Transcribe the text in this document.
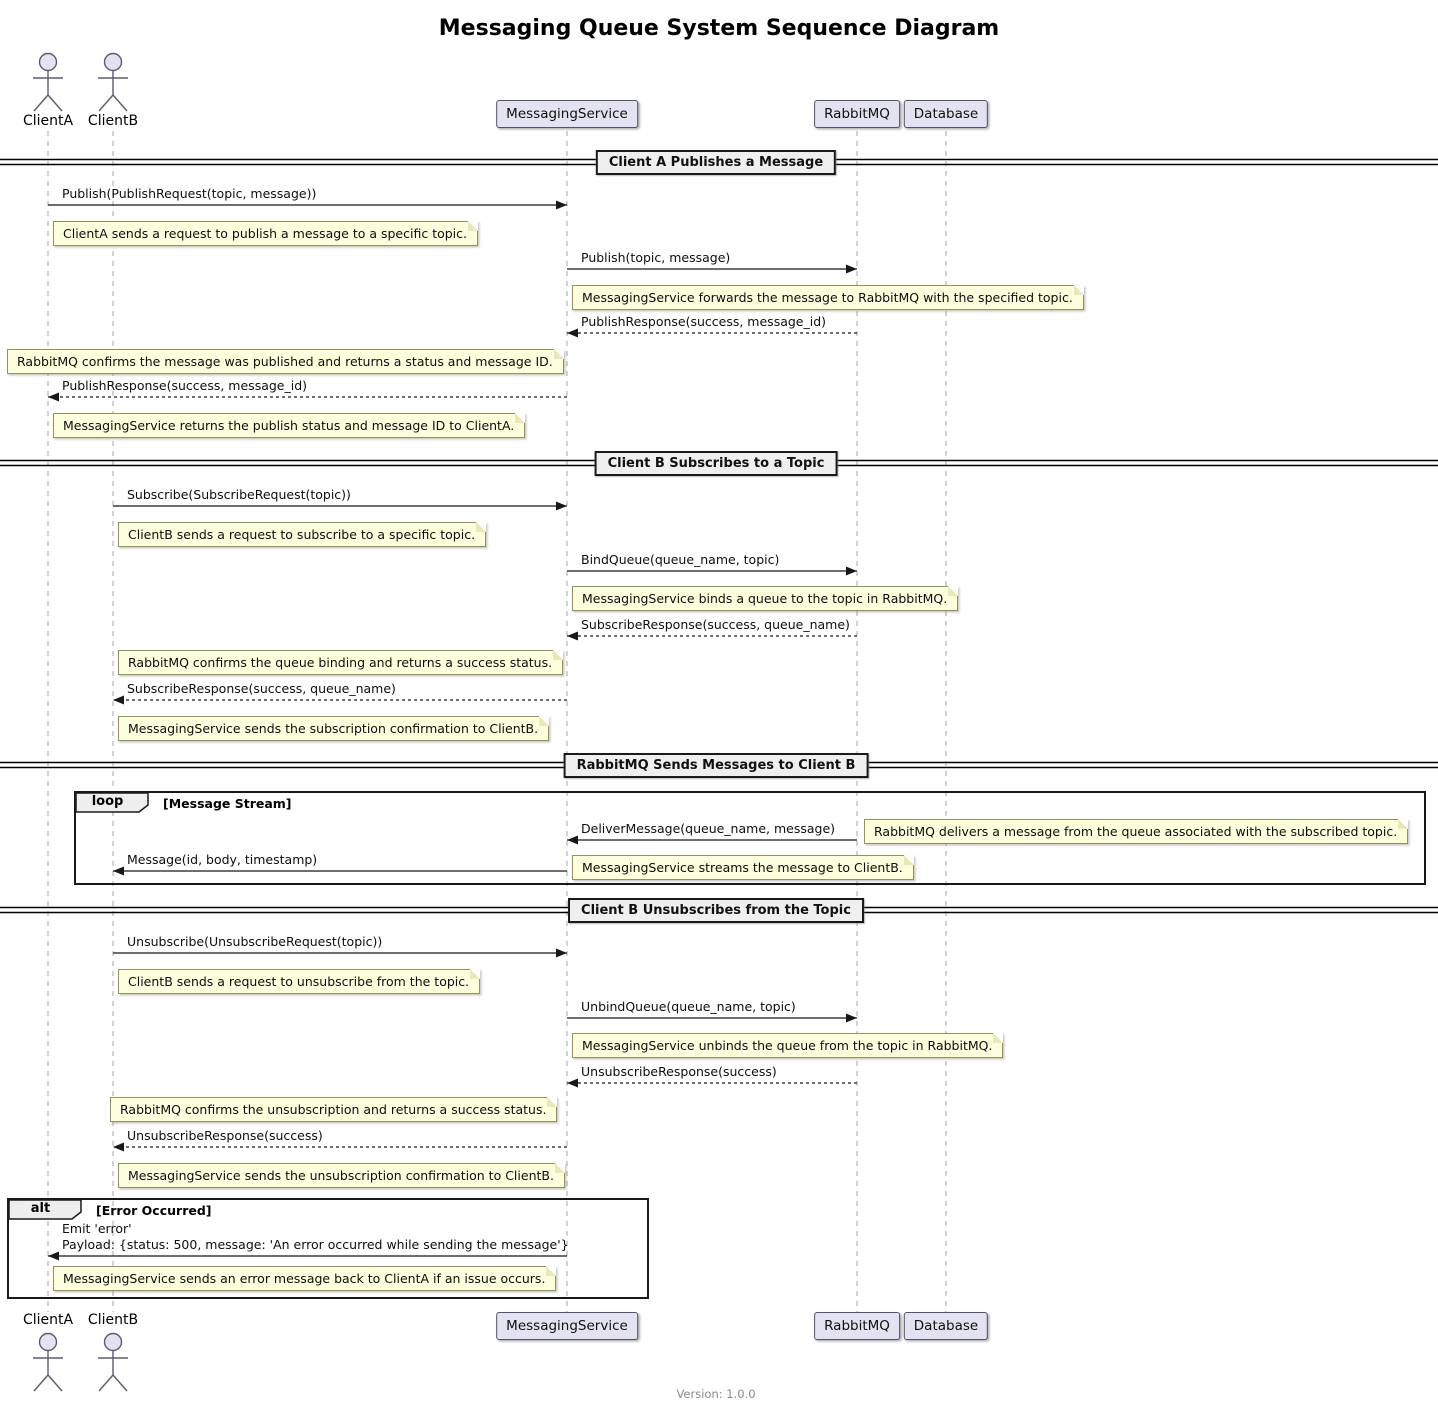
Messaging Queue System Sequence Diagram
Client A Publishes a Message
Client B Subscribes to a Topic
RabbitMQ Sends Messages to Client B
Client B Unsubscribes from the Topic
loop	[Message Stream]
alt	[Error Occurred]
Publish(PublishRequest(topic, message))
Publish(topic, message)
PublishResponse(success, message_id)
PublishResponse(success, message_id)
Subscribe(SubscribeRequest(topic))
BindQueue(queue_name, topic)
SubscribeResponse(success, queue_name)
SubscribeResponse(success, queue_name)
DeliverMessage(queue_name, message)
Message(id, body, timestamp)
Unsubscribe(UnsubscribeRequest(topic))
UnbindQueue(queue_name, topic)
UnsubscribeResponse(success)
UnsubscribeResponse(success)
Emit 'error'
Payload: {status: 500, message: 'An error occurred while sending the message'}
ClientA sends a request to publish a message to a specific topic.
MessagingService forwards the message to RabbitMQ with the specified topic.
RabbitMQ confirms the message was published and returns a status and message ID.
MessagingService returns the publish status and message ID to ClientA.
ClientB sends a request to subscribe to a specific topic.
MessagingService binds a queue to the topic in RabbitMQ.
RabbitMQ confirms the queue binding and returns a success status.
MessagingService sends the subscription confirmation to ClientB.
RabbitMQ delivers a message from the queue associated with the subscribed topic.
MessagingService streams the message to ClientB.
ClientB sends a request to unsubscribe from the topic.
MessagingService unbinds the queue from the topic in RabbitMQ.
RabbitMQ confirms the unsubscription and returns a success status.
MessagingService sends the unsubscription confirmation to ClientB.
MessagingService sends an error message back to ClientA if an issue occurs.
ClientA
ClientA
ClientB
ClientB
MessagingService
MessagingService
RabbitMQ
RabbitMQ
Database
Database
Version: 1.0.0
